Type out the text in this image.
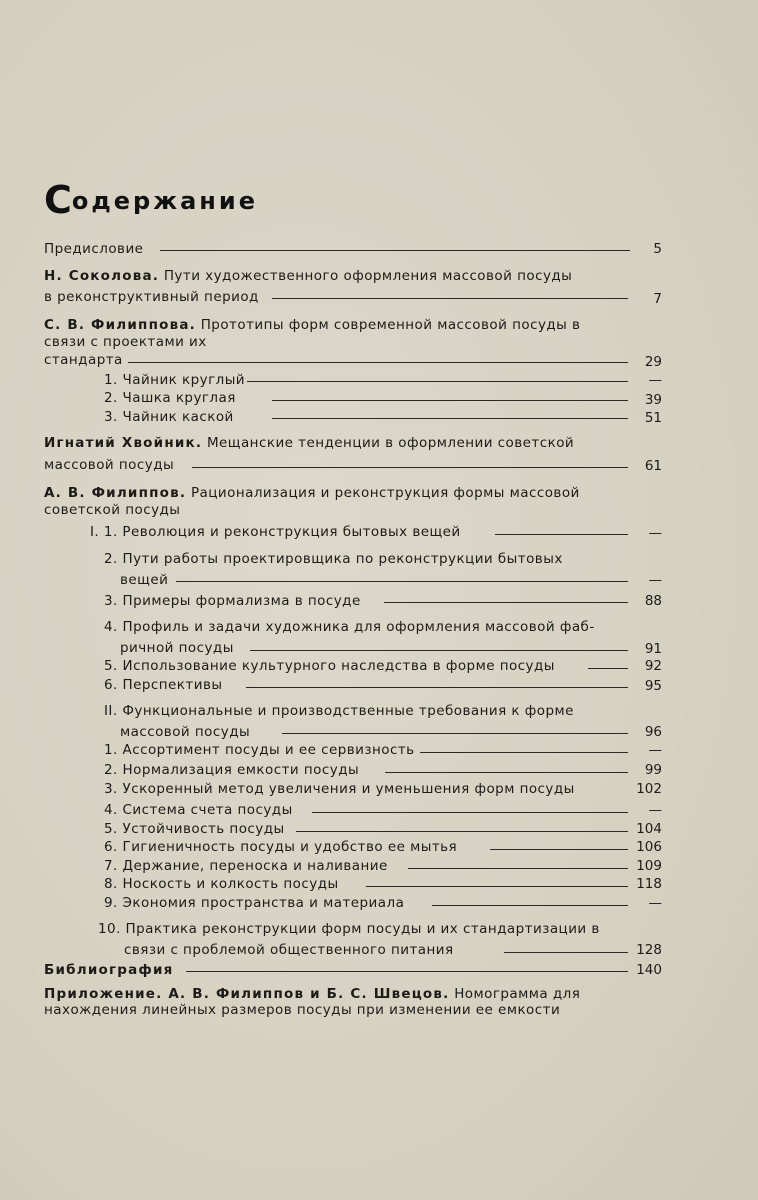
Содержание
Предисловие	5
Н. Соколова. Пути художественного оформления массовой посуды
в реконструктивный период	7
С. В. Филиппова. Прототипы форм современной массовой посуды в
связи с проектами их
стандарта	29
1. Чайник круглый	—
2. Чашка круглая	39
3. Чайник каской	51
Игнатий Хвойник. Мещанские тенденции в оформлении советской
массовой посуды	61
А. В. Филиппов. Рационализация и реконструкция формы массовой
советской посуды
I. 1. Революция и реконструкция бытовых вещей	—
2. Пути работы проектировщика по реконструкции бытовых
вещей	—
3. Примеры формализма в посуде	88
4. Профиль и задачи художника для оформления массовой фаб-
ричной посуды	91
5. Использование культурного наследства в форме посуды	92
6. Перспективы	95
II. Функциональные и производственные требования к форме
массовой посуды	96
1. Ассортимент посуды и ее сервизность	—
2. Нормализация емкости посуды	99
3. Ускоренный метод увеличения и уменьшения форм посуды	102
4. Система счета посуды	—
5. Устойчивость посуды	104
6. Гигиеничность посуды и удобство ее мытья	106
7. Держание, переноска и наливание	109
8. Носкость и колкость посуды	118
9. Экономия пространства и материала	—
10. Практика реконструкции форм посуды и их стандартизации в
связи с проблемой общественного питания	128
Библиография	140
Приложение. А. В. Филиппов и Б. С. Швецов. Номограмма для
нахождения линейных размеров посуды при изменении ее емкости
